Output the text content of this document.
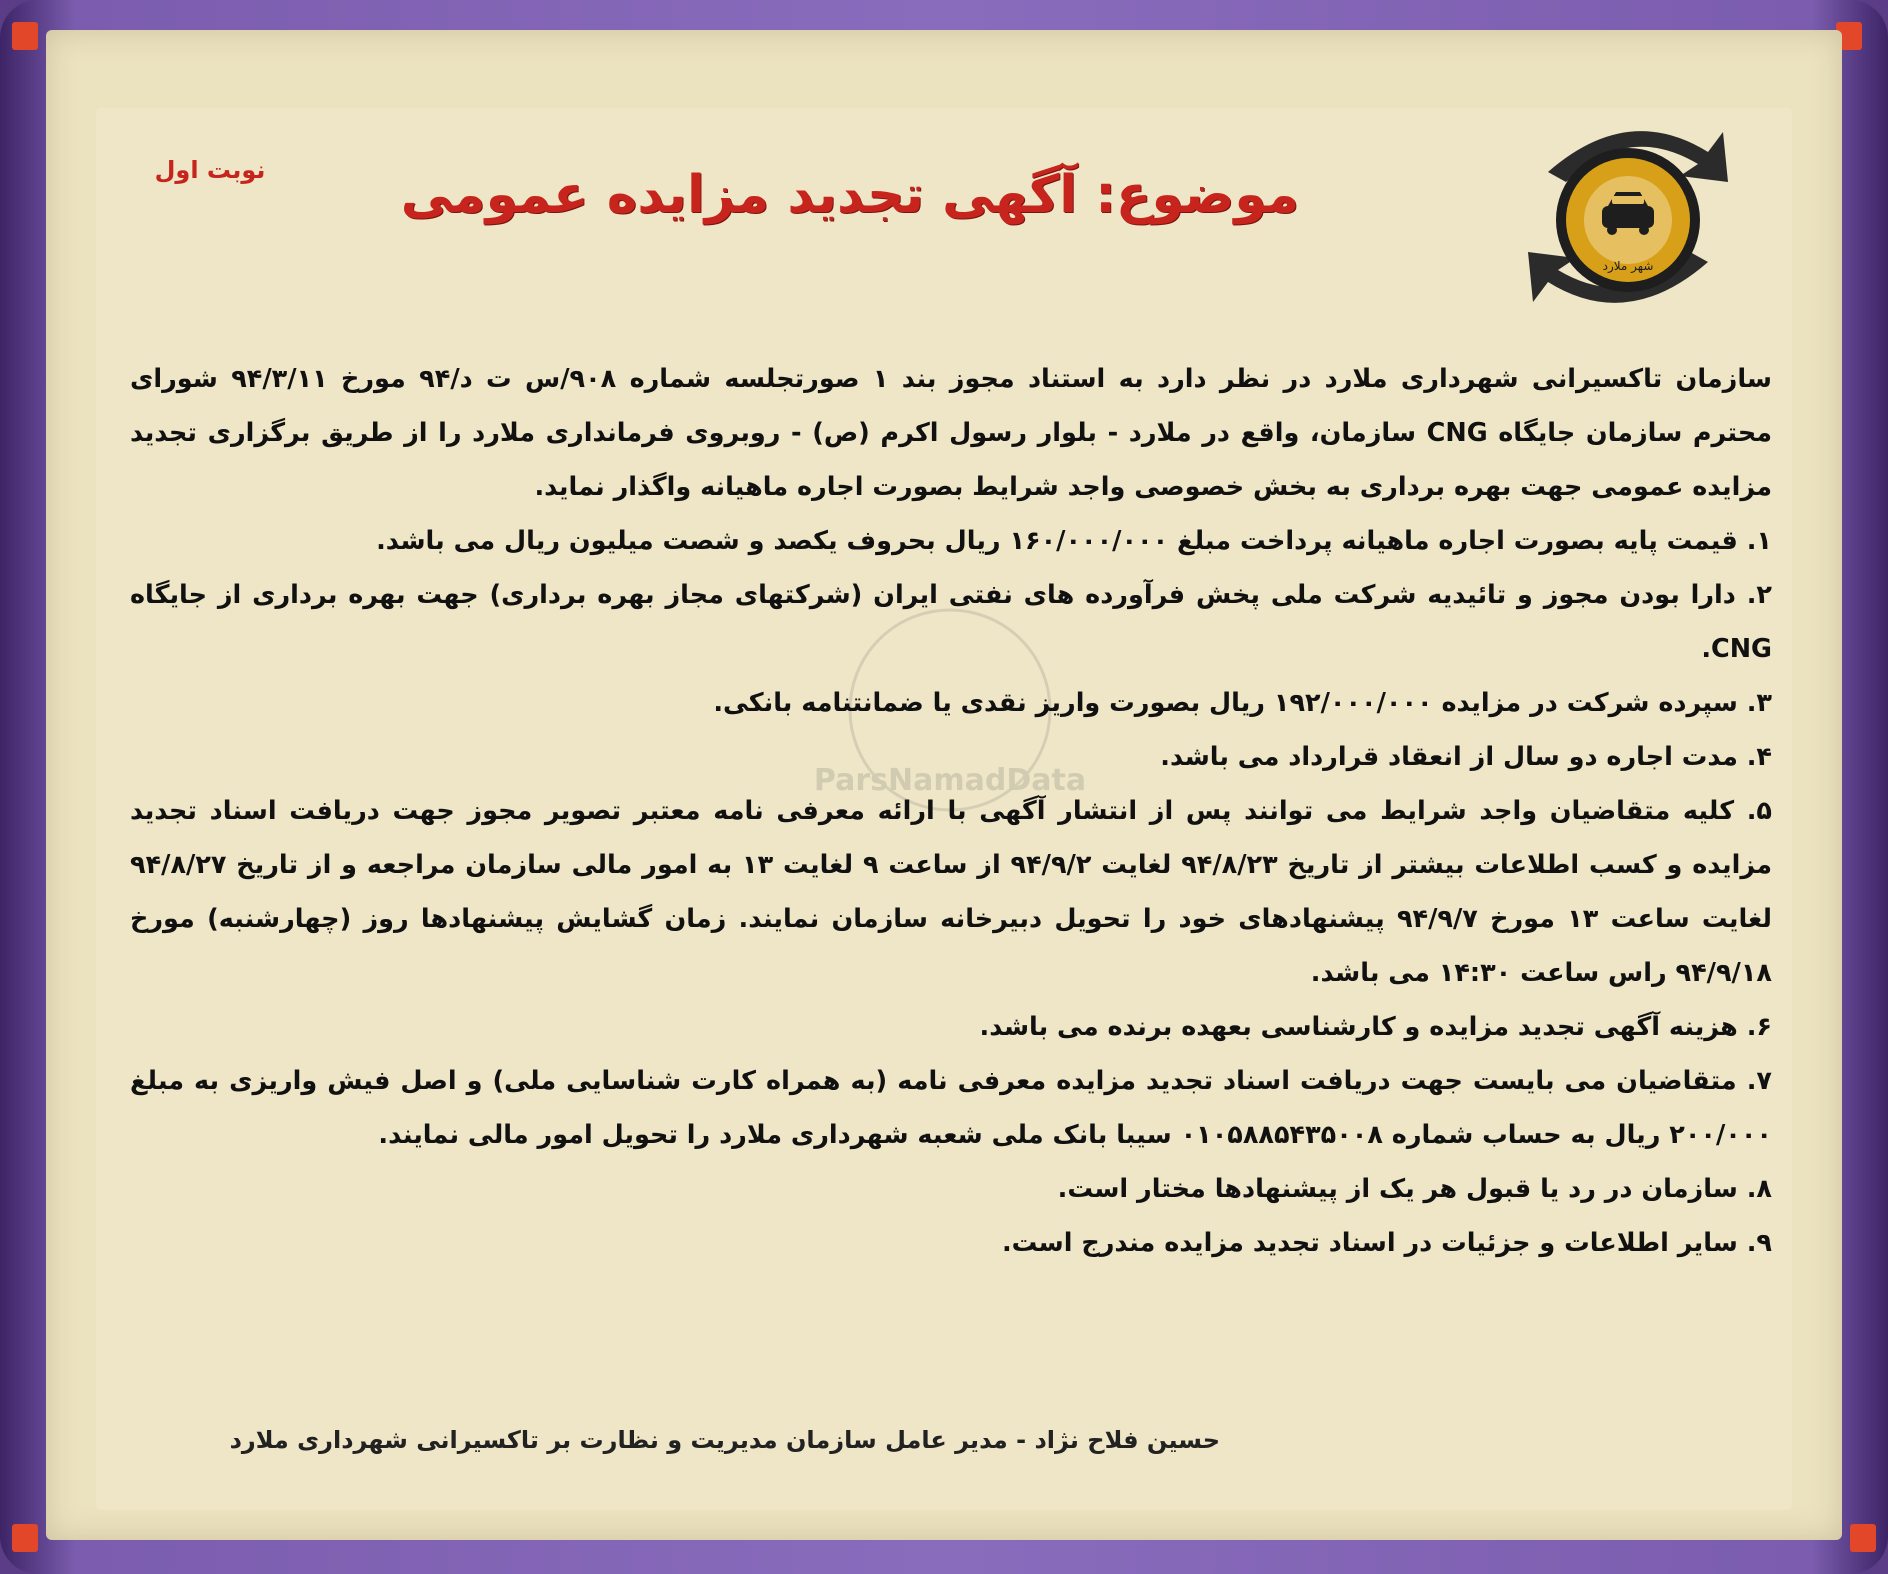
موضوع: آگهی تجدید مزایده عمومی
نوبت اول
شهر ملارد

سازمان تاکسیرانی شهرداری ملارد در نظر دارد به استناد مجوز بند ۱ صورتجلسه شماره ۹۰۸/س ت د/۹۴ مورخ ۹۴/۳/۱۱ شورای محترم سازمان جایگاه CNG سازمان، واقع در ملارد - بلوار رسول اکرم (ص) - روبروی فرمانداری ملارد را از طریق برگزاری تجدید مزایده عمومی جهت بهره برداری به بخش خصوصی واجد شرایط بصورت اجاره ماهیانه واگذار نماید.

۱. قیمت پایه بصورت اجاره ماهیانه پرداخت مبلغ ۱۶۰/۰۰۰/۰۰۰ ریال بحروف یکصد و شصت میلیون ریال می باشد.

۲. دارا بودن مجوز و تائیدیه شرکت ملی پخش فرآورده های نفتی ایران (شرکتهای مجاز بهره برداری) جهت بهره برداری از جایگاه CNG.

۳. سپرده شرکت در مزایده ۱۹۲/۰۰۰/۰۰۰ ریال بصورت واریز نقدی یا ضمانتنامه بانکی.

۴. مدت اجاره دو سال از انعقاد قرارداد می باشد.

۵. کلیه متقاضیان واجد شرایط می توانند پس از انتشار آگهی با ارائه معرفی نامه معتبر تصویر مجوز جهت دریافت اسناد تجدید مزایده و کسب اطلاعات بیشتر از تاریخ ۹۴/۸/۲۳ لغایت ۹۴/۹/۲ از ساعت ۹ لغایت ۱۳ به امور مالی سازمان مراجعه و از تاریخ ۹۴/۸/۲۷ لغایت ساعت ۱۳ مورخ ۹۴/۹/۷ پیشنهادهای خود را تحویل دبیرخانه سازمان نمایند. زمان گشایش پیشنهادها روز (چهارشنبه) مورخ ۹۴/۹/۱۸ راس ساعت ۱۴:۳۰ می باشد.

۶. هزینه آگهی تجدید مزایده و کارشناسی بعهده برنده می باشد.

۷. متقاضیان می بایست جهت دریافت اسناد تجدید مزایده معرفی نامه (به همراه کارت شناسایی ملی) و اصل فیش واریزی به مبلغ ۲۰۰/۰۰۰ ریال به حساب شماره ۰۱۰۵۸۸۵۴۳۵۰۰۸ سیبا بانک ملی شعبه شهرداری ملارد را تحویل امور مالی نمایند.

۸. سازمان در رد یا قبول هر یک از پیشنهادها مختار است.

۹. سایر اطلاعات و جزئیات در اسناد تجدید مزایده مندرج است.

حسین فلاح نژاد - مدیر عامل سازمان مدیریت و نظارت بر تاکسیرانی شهرداری ملارد
